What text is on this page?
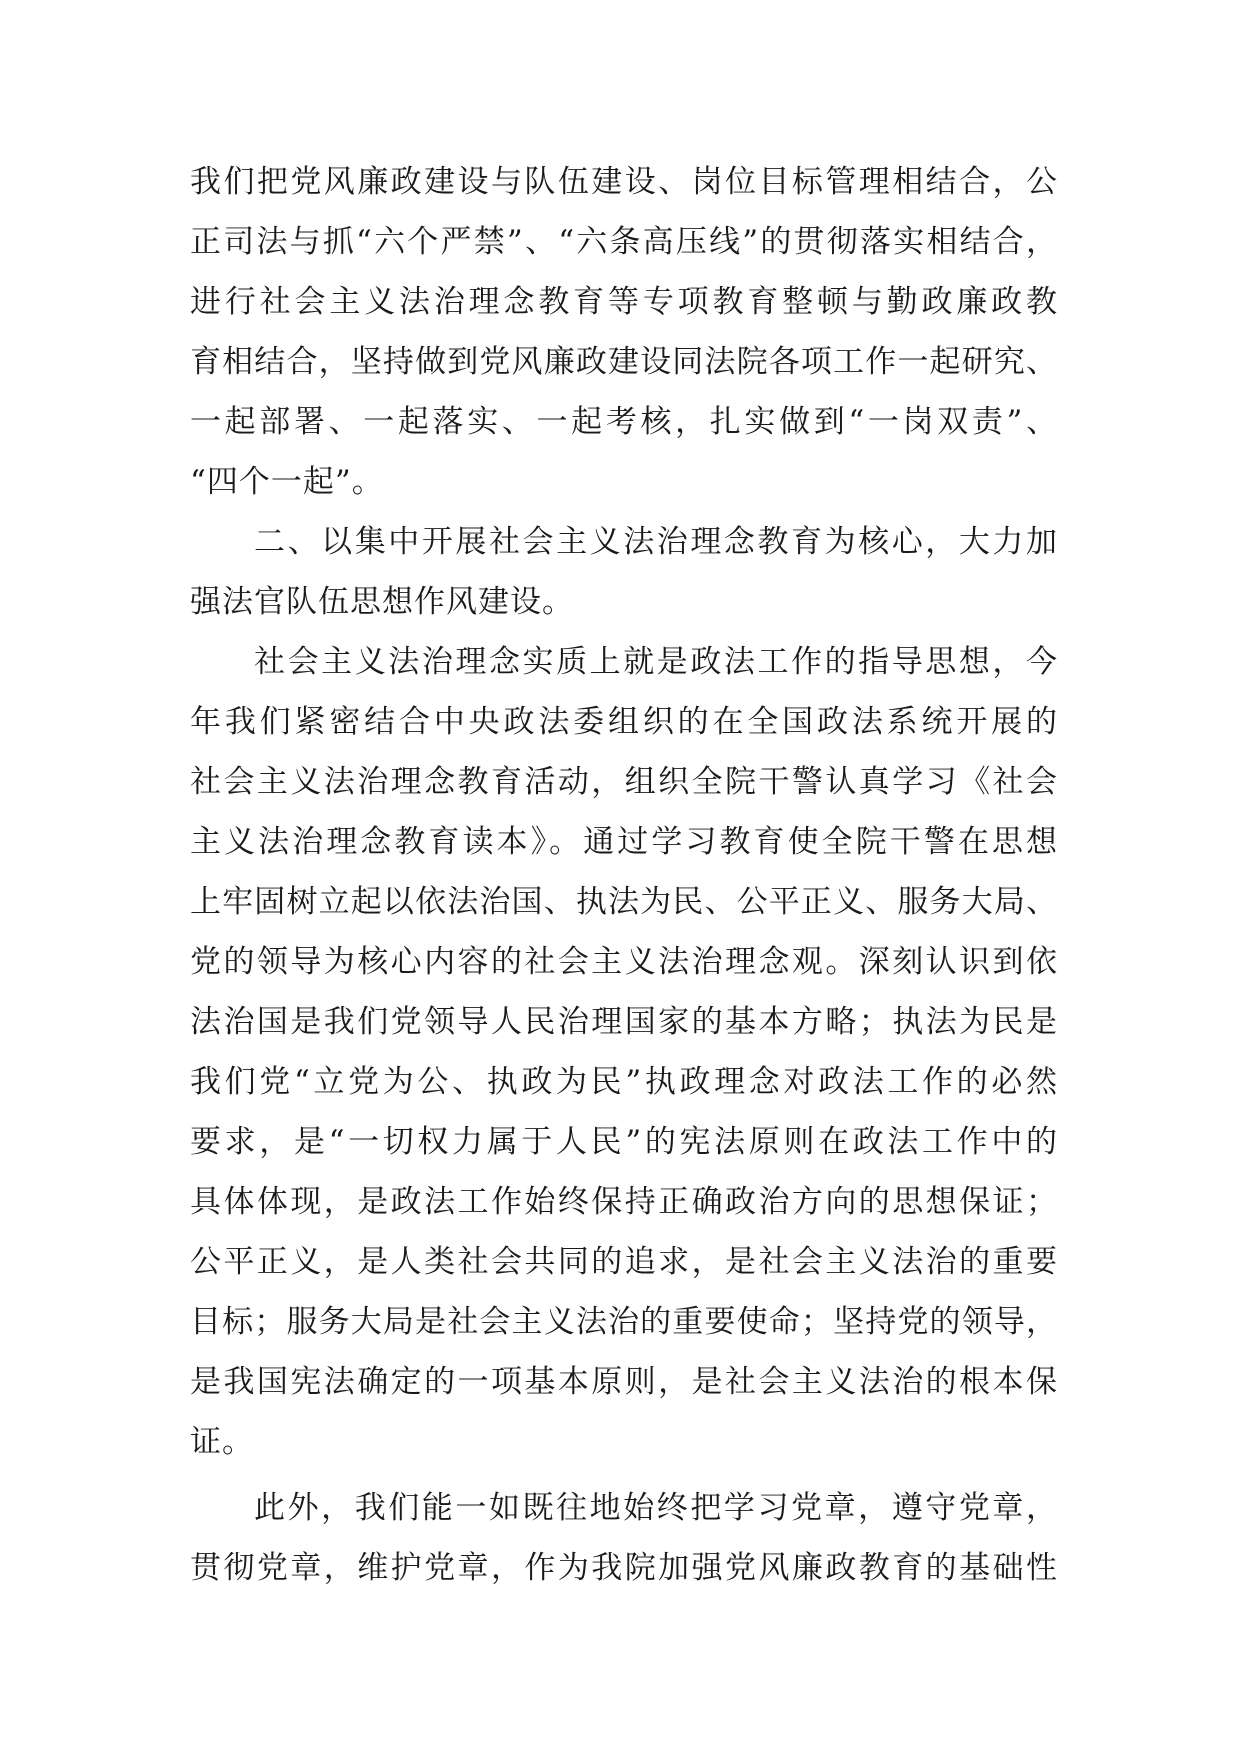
我们把党风廉政建设与队伍建设、岗位目标管理相结合，公
正司法与抓“六个严禁”、“六条高压线”的贯彻落实相结合，
进行社会主义法治理念教育等专项教育整顿与勤政廉政教
育相结合，坚持做到党风廉政建设同法院各项工作一起研究、
一起部署、一起落实、一起考核，扎实做到“一岗双责”、
“四个一起”。
二、以集中开展社会主义法治理念教育为核心，大力加
强法官队伍思想作风建设。
社会主义法治理念实质上就是政法工作的指导思想，今
年我们紧密结合中央政法委组织的在全国政法系统开展的
社会主义法治理念教育活动，组织全院干警认真学习《社会
主义法治理念教育读本》。通过学习教育使全院干警在思想
上牢固树立起以依法治国、执法为民、公平正义、服务大局、
党的领导为核心内容的社会主义法治理念观。深刻认识到依
法治国是我们党领导人民治理国家的基本方略；执法为民是
我们党“立党为公、执政为民”执政理念对政法工作的必然
要求，是“一切权力属于人民”的宪法原则在政法工作中的
具体体现，是政法工作始终保持正确政治方向的思想保证；
公平正义，是人类社会共同的追求，是社会主义法治的重要
目标；服务大局是社会主义法治的重要使命；坚持党的领导，
是我国宪法确定的一项基本原则，是社会主义法治的根本保
证。
此外，我们能一如既往地始终把学习党章，遵守党章，
贯彻党章，维护党章，作为我院加强党风廉政教育的基础性
